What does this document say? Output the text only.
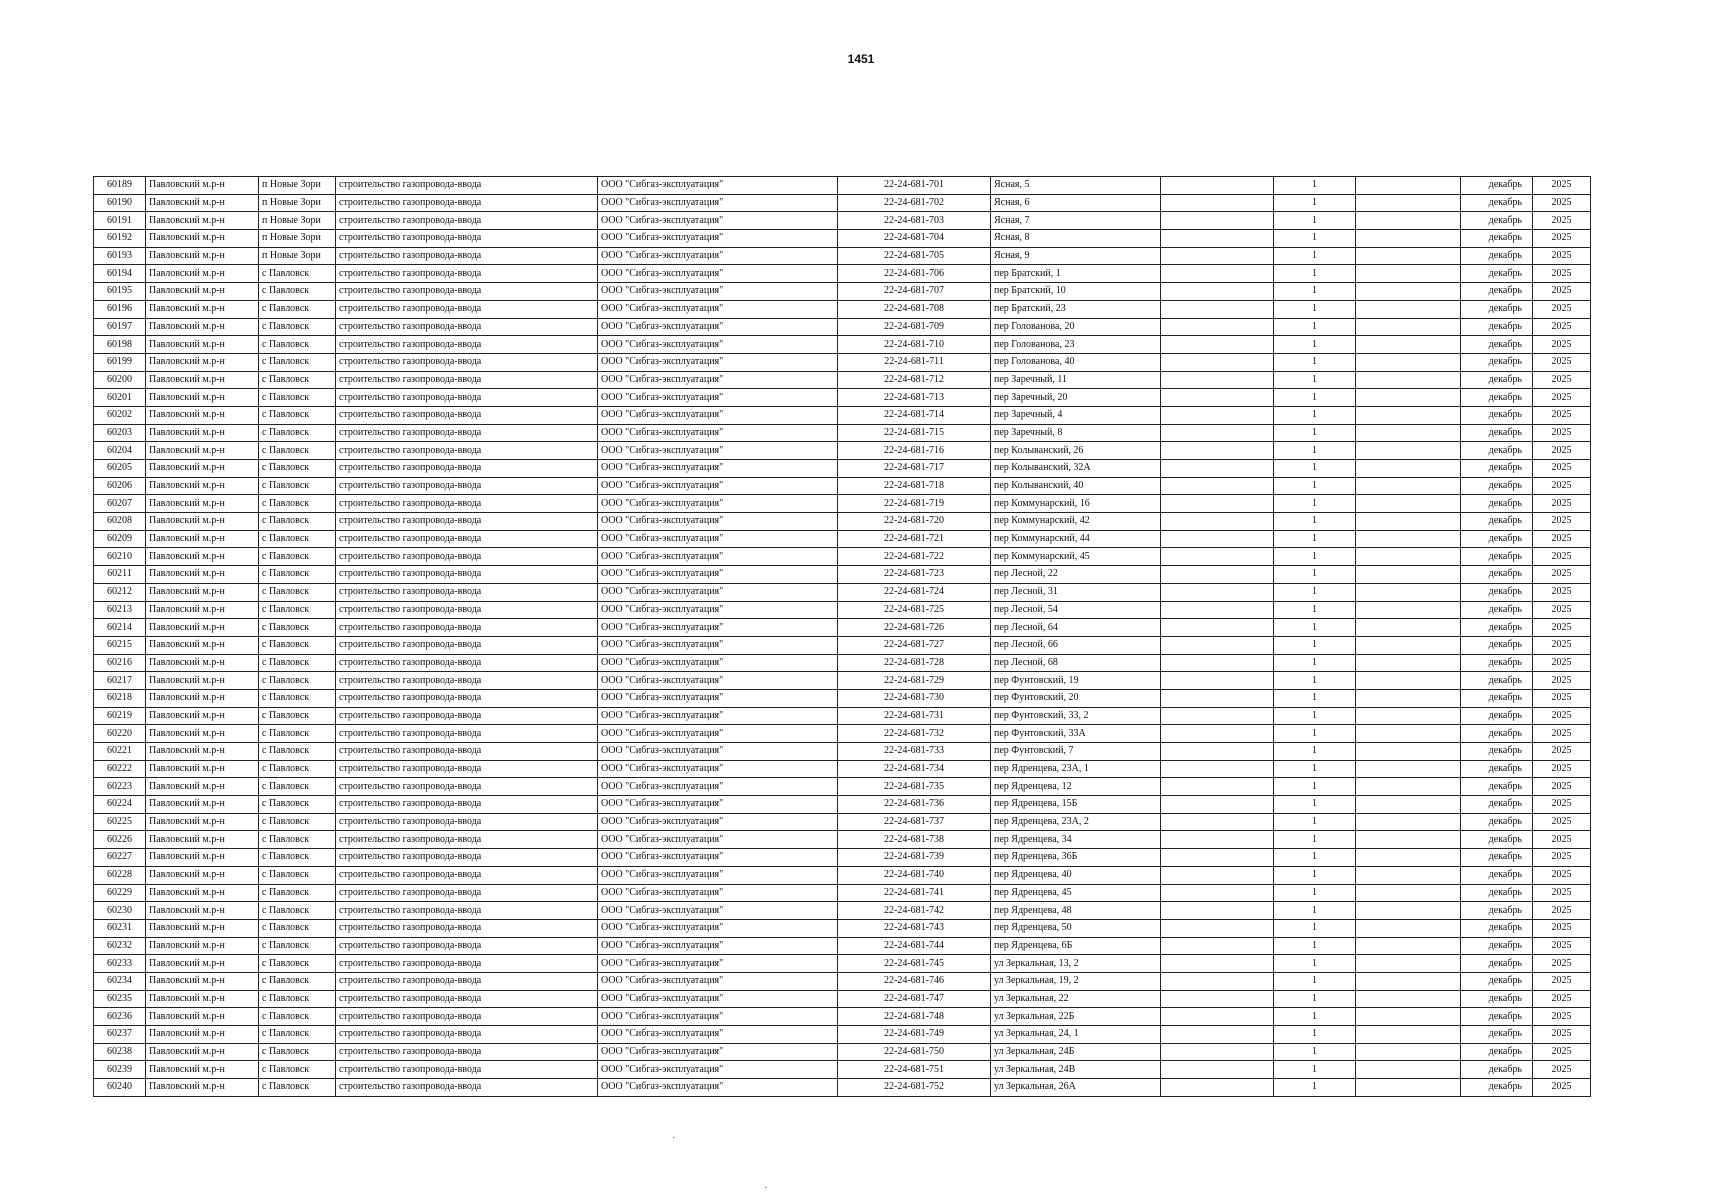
1451
60189	Павловский м.р-н	п Новые Зори	строительство газопровода-ввода	ООО "Сибгаз-эксплуатация"	22-24-681-701	Ясная, 5		1		декабрь	2025
60190	Павловский м.р-н	п Новые Зори	строительство газопровода-ввода	ООО "Сибгаз-эксплуатация"	22-24-681-702	Ясная, 6		1		декабрь	2025
60191	Павловский м.р-н	п Новые Зори	строительство газопровода-ввода	ООО "Сибгаз-эксплуатация"	22-24-681-703	Ясная, 7		1		декабрь	2025
60192	Павловский м.р-н	п Новые Зори	строительство газопровода-ввода	ООО "Сибгаз-эксплуатация"	22-24-681-704	Ясная, 8		1		декабрь	2025
60193	Павловский м.р-н	п Новые Зори	строительство газопровода-ввода	ООО "Сибгаз-эксплуатация"	22-24-681-705	Ясная, 9		1		декабрь	2025
60194	Павловский м.р-н	с Павловск	строительство газопровода-ввода	ООО "Сибгаз-эксплуатация"	22-24-681-706	пер Братский, 1		1		декабрь	2025
60195	Павловский м.р-н	с Павловск	строительство газопровода-ввода	ООО "Сибгаз-эксплуатация"	22-24-681-707	пер Братский, 10		1		декабрь	2025
60196	Павловский м.р-н	с Павловск	строительство газопровода-ввода	ООО "Сибгаз-эксплуатация"	22-24-681-708	пер Братский, 23		1		декабрь	2025
60197	Павловский м.р-н	с Павловск	строительство газопровода-ввода	ООО "Сибгаз-эксплуатация"	22-24-681-709	пер Голованова, 20		1		декабрь	2025
60198	Павловский м.р-н	с Павловск	строительство газопровода-ввода	ООО "Сибгаз-эксплуатация"	22-24-681-710	пер Голованова, 23		1		декабрь	2025
60199	Павловский м.р-н	с Павловск	строительство газопровода-ввода	ООО "Сибгаз-эксплуатация"	22-24-681-711	пер Голованова, 40		1		декабрь	2025
60200	Павловский м.р-н	с Павловск	строительство газопровода-ввода	ООО "Сибгаз-эксплуатация"	22-24-681-712	пер Заречный, 11		1		декабрь	2025
60201	Павловский м.р-н	с Павловск	строительство газопровода-ввода	ООО "Сибгаз-эксплуатация"	22-24-681-713	пер Заречный, 20		1		декабрь	2025
60202	Павловский м.р-н	с Павловск	строительство газопровода-ввода	ООО "Сибгаз-эксплуатация"	22-24-681-714	пер Заречный, 4		1		декабрь	2025
60203	Павловский м.р-н	с Павловск	строительство газопровода-ввода	ООО "Сибгаз-эксплуатация"	22-24-681-715	пер Заречный, 8		1		декабрь	2025
60204	Павловский м.р-н	с Павловск	строительство газопровода-ввода	ООО "Сибгаз-эксплуатация"	22-24-681-716	пер Колыванский, 26		1		декабрь	2025
60205	Павловский м.р-н	с Павловск	строительство газопровода-ввода	ООО "Сибгаз-эксплуатация"	22-24-681-717	пер Колыванский, 32А		1		декабрь	2025
60206	Павловский м.р-н	с Павловск	строительство газопровода-ввода	ООО "Сибгаз-эксплуатация"	22-24-681-718	пер Колыванский, 40		1		декабрь	2025
60207	Павловский м.р-н	с Павловск	строительство газопровода-ввода	ООО "Сибгаз-эксплуатация"	22-24-681-719	пер Коммунарский, 16		1		декабрь	2025
60208	Павловский м.р-н	с Павловск	строительство газопровода-ввода	ООО "Сибгаз-эксплуатация"	22-24-681-720	пер Коммунарский, 42		1		декабрь	2025
60209	Павловский м.р-н	с Павловск	строительство газопровода-ввода	ООО "Сибгаз-эксплуатация"	22-24-681-721	пер Коммунарский, 44		1		декабрь	2025
60210	Павловский м.р-н	с Павловск	строительство газопровода-ввода	ООО "Сибгаз-эксплуатация"	22-24-681-722	пер Коммунарский, 45		1		декабрь	2025
60211	Павловский м.р-н	с Павловск	строительство газопровода-ввода	ООО "Сибгаз-эксплуатация"	22-24-681-723	пер Лесной, 22		1		декабрь	2025
60212	Павловский м.р-н	с Павловск	строительство газопровода-ввода	ООО "Сибгаз-эксплуатация"	22-24-681-724	пер Лесной, 31		1		декабрь	2025
60213	Павловский м.р-н	с Павловск	строительство газопровода-ввода	ООО "Сибгаз-эксплуатация"	22-24-681-725	пер Лесной, 54		1		декабрь	2025
60214	Павловский м.р-н	с Павловск	строительство газопровода-ввода	ООО "Сибгаз-эксплуатация"	22-24-681-726	пер Лесной, 64		1		декабрь	2025
60215	Павловский м.р-н	с Павловск	строительство газопровода-ввода	ООО "Сибгаз-эксплуатация"	22-24-681-727	пер Лесной, 66		1		декабрь	2025
60216	Павловский м.р-н	с Павловск	строительство газопровода-ввода	ООО "Сибгаз-эксплуатация"	22-24-681-728	пер Лесной, 68		1		декабрь	2025
60217	Павловский м.р-н	с Павловск	строительство газопровода-ввода	ООО "Сибгаз-эксплуатация"	22-24-681-729	пер Фунтовский, 19		1		декабрь	2025
60218	Павловский м.р-н	с Павловск	строительство газопровода-ввода	ООО "Сибгаз-эксплуатация"	22-24-681-730	пер Фунтовский, 20		1		декабрь	2025
60219	Павловский м.р-н	с Павловск	строительство газопровода-ввода	ООО "Сибгаз-эксплуатация"	22-24-681-731	пер Фунтовский, 33, 2		1		декабрь	2025
60220	Павловский м.р-н	с Павловск	строительство газопровода-ввода	ООО "Сибгаз-эксплуатация"	22-24-681-732	пер Фунтовский, 33А		1		декабрь	2025
60221	Павловский м.р-н	с Павловск	строительство газопровода-ввода	ООО "Сибгаз-эксплуатация"	22-24-681-733	пер Фунтовский, 7		1		декабрь	2025
60222	Павловский м.р-н	с Павловск	строительство газопровода-ввода	ООО "Сибгаз-эксплуатация"	22-24-681-734	пер Ядренцева, 23А, 1		1		декабрь	2025
60223	Павловский м.р-н	с Павловск	строительство газопровода-ввода	ООО "Сибгаз-эксплуатация"	22-24-681-735	пер Ядренцева, 12		1		декабрь	2025
60224	Павловский м.р-н	с Павловск	строительство газопровода-ввода	ООО "Сибгаз-эксплуатация"	22-24-681-736	пер Ядренцева, 15Б		1		декабрь	2025
60225	Павловский м.р-н	с Павловск	строительство газопровода-ввода	ООО "Сибгаз-эксплуатация"	22-24-681-737	пер Ядренцева, 23А, 2		1		декабрь	2025
60226	Павловский м.р-н	с Павловск	строительство газопровода-ввода	ООО "Сибгаз-эксплуатация"	22-24-681-738	пер Ядренцева, 34		1		декабрь	2025
60227	Павловский м.р-н	с Павловск	строительство газопровода-ввода	ООО "Сибгаз-эксплуатация"	22-24-681-739	пер Ядренцева, 36Б		1		декабрь	2025
60228	Павловский м.р-н	с Павловск	строительство газопровода-ввода	ООО "Сибгаз-эксплуатация"	22-24-681-740	пер Ядренцева, 40		1		декабрь	2025
60229	Павловский м.р-н	с Павловск	строительство газопровода-ввода	ООО "Сибгаз-эксплуатация"	22-24-681-741	пер Ядренцева, 45		1		декабрь	2025
60230	Павловский м.р-н	с Павловск	строительство газопровода-ввода	ООО "Сибгаз-эксплуатация"	22-24-681-742	пер Ядренцева, 48		1		декабрь	2025
60231	Павловский м.р-н	с Павловск	строительство газопровода-ввода	ООО "Сибгаз-эксплуатация"	22-24-681-743	пер Ядренцева, 50		1		декабрь	2025
60232	Павловский м.р-н	с Павловск	строительство газопровода-ввода	ООО "Сибгаз-эксплуатация"	22-24-681-744	пер Ядренцева, 6Б		1		декабрь	2025
60233	Павловский м.р-н	с Павловск	строительство газопровода-ввода	ООО "Сибгаз-эксплуатация"	22-24-681-745	ул Зеркальная, 13, 2		1		декабрь	2025
60234	Павловский м.р-н	с Павловск	строительство газопровода-ввода	ООО "Сибгаз-эксплуатация"	22-24-681-746	ул Зеркальная, 19, 2		1		декабрь	2025
60235	Павловский м.р-н	с Павловск	строительство газопровода-ввода	ООО "Сибгаз-эксплуатация"	22-24-681-747	ул Зеркальная, 22		1		декабрь	2025
60236	Павловский м.р-н	с Павловск	строительство газопровода-ввода	ООО "Сибгаз-эксплуатация"	22-24-681-748	ул Зеркальная, 22Б		1		декабрь	2025
60237	Павловский м.р-н	с Павловск	строительство газопровода-ввода	ООО "Сибгаз-эксплуатация"	22-24-681-749	ул Зеркальная, 24, 1		1		декабрь	2025
60238	Павловский м.р-н	с Павловск	строительство газопровода-ввода	ООО "Сибгаз-эксплуатация"	22-24-681-750	ул Зеркальная, 24Б		1		декабрь	2025
60239	Павловский м.р-н	с Павловск	строительство газопровода-ввода	ООО "Сибгаз-эксплуатация"	22-24-681-751	ул Зеркальная, 24В		1		декабрь	2025
60240	Павловский м.р-н	с Павловск	строительство газопровода-ввода	ООО "Сибгаз-эксплуатация"	22-24-681-752	ул Зеркальная, 26А		1		декабрь	2025
·
·
